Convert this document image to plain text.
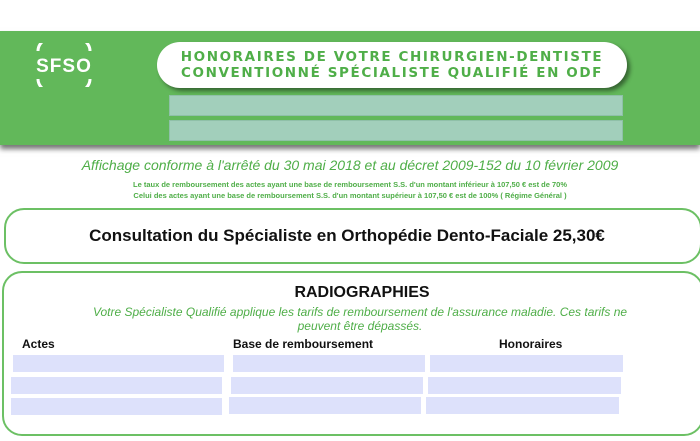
SFSO	HONORAIRES DE VOTRE CHIRURGIEN-DENTISTE
CONVENTIONNÉ SPÉCIALISTE QUALIFIÉ EN ODF
Affichage conforme à l'arrêté du 30 mai 2018 et au décret 2009-152 du 10 février 2009
Le taux de remboursement des actes ayant une base de remboursement S.S. d'un montant inférieur à 107,50 € est de 70%
Celui des actes ayant une base de remboursement S.S. d'un montant supérieur à 107,50 € est de 100% ( Régime Général )
Consultation du Spécialiste en Orthopédie Dento-Faciale 25,30€
RADIOGRAPHIES
Votre Spécialiste Qualifié applique les tarifs de remboursement de l'assurance maladie. Ces tarifs ne peuvent être dépassés.
Actes	Base de remboursement	Honoraires
